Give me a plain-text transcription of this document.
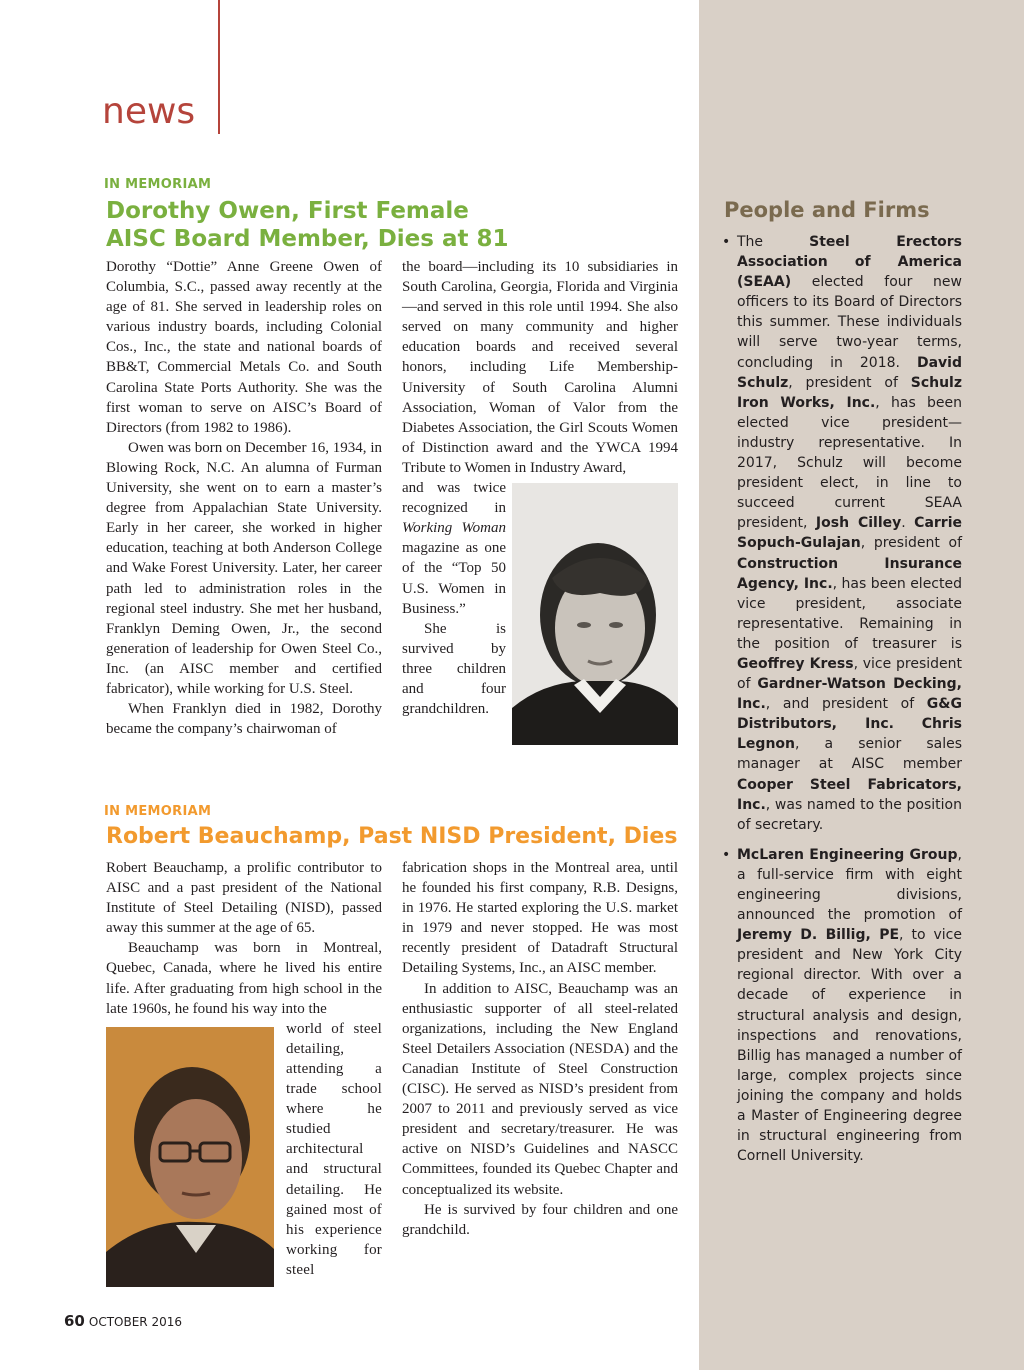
news
IN MEMORIAM
Dorothy Owen, First Female
AISC Board Member, Dies at 81

Dorothy “Dottie” Anne Greene Owen of Columbia, S.C., passed away recently at the age of 81. She served in leadership roles on various industry boards, including Colonial Cos., Inc., the state and national boards of BB&T, Commercial Metals Co. and South Carolina State Ports Authority. She was the first woman to serve on AISC’s Board of Directors (from 1982 to 1986).

Owen was born on December 16, 1934, in Blowing Rock, N.C. An alumna of Furman University, she went on to earn a master’s degree from Appalachian State University. Early in her career, she worked in higher education, teaching at both Anderson College and Wake Forest University. Later, her career path led to administration roles in the regional steel industry. She met her husband, Franklyn Deming Owen, Jr., the second generation of leadership for Owen Steel Co., Inc. (an AISC member and certified fabricator), while working for U.S. Steel.

When Franklyn died in 1982, Dorothy became the company’s chairwoman of

the board—including its 10 subsidiaries in South Carolina, Georgia, Florida and Virginia—and served in this role until 1994. She also served on many community and higher education boards and received several honors, including Life Membership-University of South Carolina Alumni Association, Woman of Valor from the Diabetes Association, the Girl Scouts Women of Distinction award and the YWCA 1994 Tribute to Women in Industry Award,

and was twice recognized in Working Woman magazine as one of the “Top 50 U.S. Women in Business.”

She is survived by three children and four grandchildren.

IN MEMORIAM
Robert Beauchamp, Past NISD President, Dies

Robert Beauchamp, a prolific contributor to AISC and a past president of the National Institute of Steel Detailing (NISD), passed away this summer at the age of 65.

Beauchamp was born in Montreal, Quebec, Canada, where he lived his entire life. After graduating from high school in the late 1960s, he found his way into the

world of steel detailing, attending a trade school where he studied architectural and structural detailing. He gained most of his experience working for steel

fabrication shops in the Montreal area, until he founded his first company, R.B. Designs, in 1976. He started exploring the U.S. market in 1979 and never stopped. He was most recently president of Datadraft Structural Detailing Systems, Inc., an AISC member.

In addition to AISC, Beauchamp was an enthusiastic supporter of all steel-related organizations, including the New England Steel Detailers Association (NESDA) and the Canadian Institute of Steel Construction (CISC). He served as NISD’s president from 2007 to 2011 and previously served as vice president and secretary/treasurer. He was active on NISD’s Guidelines and NASCC Committees, founded its Quebec Chapter and conceptualized its website.

He is survived by four children and one grandchild.

People and Firms
• The Steel Erectors Association of America (SEAA) elected four new officers to its Board of Directors this summer. These individuals will serve two-year terms, concluding in 2018. David Schulz, president of Schulz Iron Works, Inc., has been elected vice president—industry representative. In 2017, Schulz will become president elect, in line to succeed current SEAA president, Josh Cilley. Carrie Sopuch-Gulajan, president of Construction Insurance Agency, Inc., has been elected vice president, associate representative. Remaining in the position of treasurer is Geoffrey Kress, vice president of Gardner-Watson Decking, Inc., and president of G&G Distributors, Inc. Chris Legnon, a senior sales manager at AISC member Cooper Steel Fabricators, Inc., was named to the position of secretary.
• McLaren Engineering Group, a full-service firm with eight engineering divisions, announced the promotion of Jeremy D. Billig, PE, to vice president and New York City regional director. With over a decade of experience in structural analysis and design, inspections and renovations, Billig has managed a number of large, complex projects since joining the company and holds a Master of Engineering degree in structural engineering from Cornell University.
60 OCTOBER 2016
